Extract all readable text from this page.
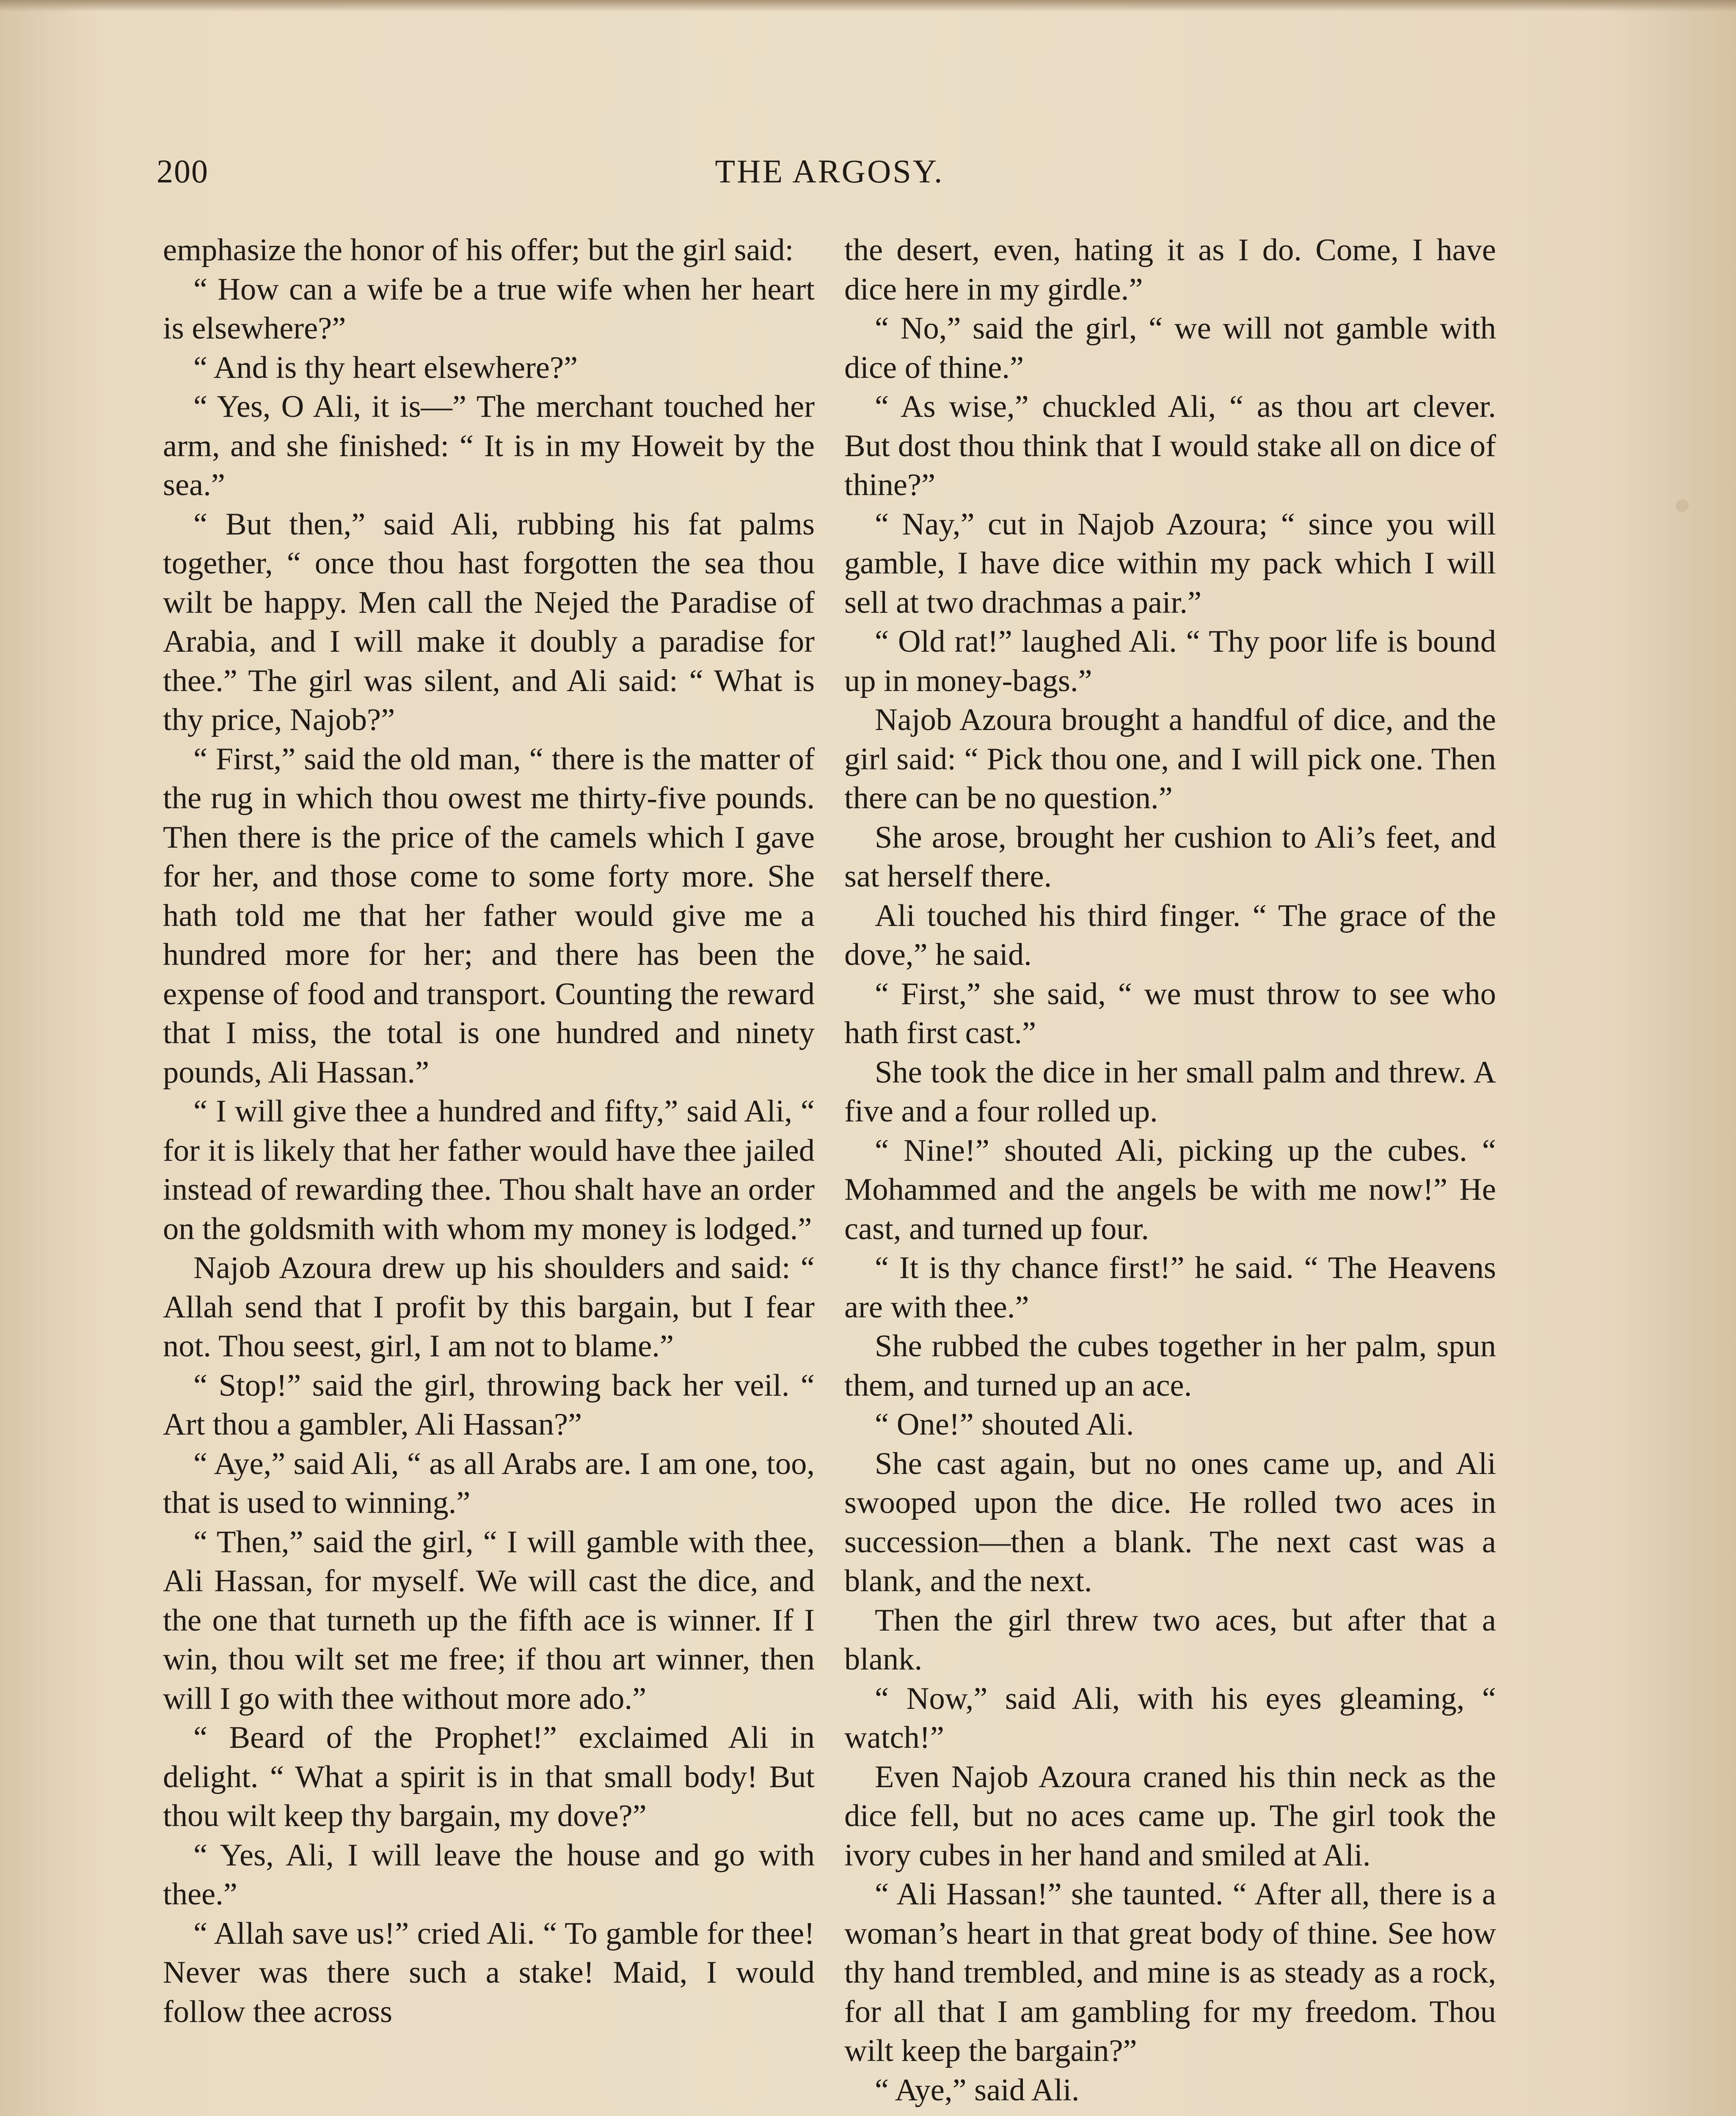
200	THE ARGOSY.

emphasize the honor of his offer; but the girl said:

“ How can a wife be a true wife when her heart is elsewhere?”

“ And is thy heart elsewhere?”

“ Yes, O Ali, it is—” The merchant touched her arm, and she finished: “ It is in my Howeit by the sea.”

“ But then,” said Ali, rubbing his fat palms together, “ once thou hast forgotten the sea thou wilt be happy. Men call the Nejed the Paradise of Arabia, and I will make it doubly a paradise for thee.” The girl was silent, and Ali said: “ What is thy price, Najob?”

“ First,” said the old man, “ there is the matter of the rug in which thou owest me thirty-five pounds. Then there is the price of the camels which I gave for her, and those come to some forty more. She hath told me that her father would give me a hundred more for her; and there has been the expense of food and transport. Counting the reward that I miss, the total is one hundred and ninety pounds, Ali Hassan.”

“ I will give thee a hundred and fifty,” said Ali, “ for it is likely that her father would have thee jailed instead of rewarding thee. Thou shalt have an order on the goldsmith with whom my money is lodged.”

Najob Azoura drew up his shoulders and said: “ Allah send that I profit by this bargain, but I fear not. Thou seest, girl, I am not to blame.”

“ Stop!” said the girl, throwing back her veil. “ Art thou a gambler, Ali Hassan?”

“ Aye,” said Ali, “ as all Arabs are. I am one, too, that is used to winning.”

“ Then,” said the girl, “ I will gamble with thee, Ali Hassan, for myself. We will cast the dice, and the one that turneth up the fifth ace is winner. If I win, thou wilt set me free; if thou art winner, then will I go with thee without more ado.”

“ Beard of the Prophet!” exclaimed Ali in delight. “ What a spirit is in that small body! But thou wilt keep thy bargain, my dove?”

“ Yes, Ali, I will leave the house and go with thee.”

“ Allah save us!” cried Ali. “ To gamble for thee! Never was there such a stake! Maid, I would follow thee across

the desert, even, hating it as I do. Come, I have dice here in my girdle.”

“ No,” said the girl, “ we will not gamble with dice of thine.”

“ As wise,” chuckled Ali, “ as thou art clever. But dost thou think that I would stake all on dice of thine?”

“ Nay,” cut in Najob Azoura; “ since you will gamble, I have dice within my pack which I will sell at two drachmas a pair.”

“ Old rat!” laughed Ali. “ Thy poor life is bound up in money-bags.”

Najob Azoura brought a handful of dice, and the girl said: “ Pick thou one, and I will pick one. Then there can be no question.”

She arose, brought her cushion to Ali’s feet, and sat herself there.

Ali touched his third finger. “ The grace of the dove,” he said.

“ First,” she said, “ we must throw to see who hath first cast.”

She took the dice in her small palm and threw. A five and a four rolled up.

“ Nine!” shouted Ali, picking up the cubes. “ Mohammed and the angels be with me now!” He cast, and turned up four.

“ It is thy chance first!” he said. “ The Heavens are with thee.”

She rubbed the cubes together in her palm, spun them, and turned up an ace.

“ One!” shouted Ali.

She cast again, but no ones came up, and Ali swooped upon the dice. He rolled two aces in succession—then a blank. The next cast was a blank, and the next.

Then the girl threw two aces, but after that a blank.

“ Now,” said Ali, with his eyes gleaming, “ watch!”

Even Najob Azoura craned his thin neck as the dice fell, but no aces came up. The girl took the ivory cubes in her hand and smiled at Ali.

“ Ali Hassan!” she taunted. “ After all, there is a woman’s heart in that great body of thine. See how thy hand trembled, and mine is as steady as a rock, for all that I am gambling for my freedom. Thou wilt keep the bargain?”

“ Aye,” said Ali.
